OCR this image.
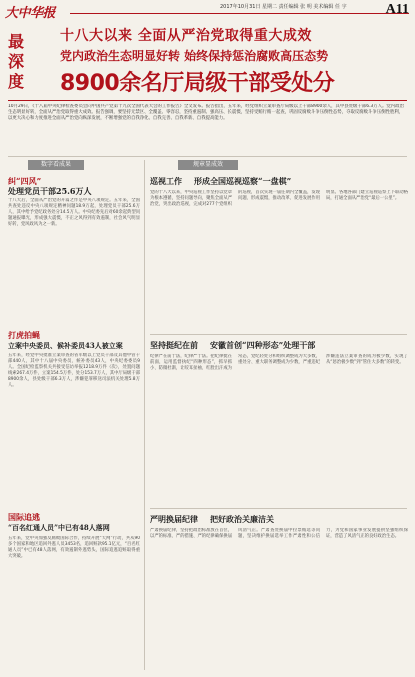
大中华报	2017年10月31日 星期二 责任编辑 张 明 美术编辑 任 宇	A11
最深度
十八大以来 全面从严治党取得重大成效
党内政治生态明显好转 始终保持惩治腐败高压态势
8900余名厅局级干部受处分
10月29日，《十八届中央纪律检查委员会向中国共产党第十九次全国代表大会的工作报告》全文发布。报告指出，五年来，经党组织立案审查厅局级以上干部8900余人，其中县处级干部6.3万人。党内政治生态明显好转，全面从严治党取得重大成效。报告强调，要坚持无禁区、全覆盖、零容忍，坚持重遏制、强高压、长震慑，坚持受贿行贿一起查，巩固反腐败斗争压倒性态势，夺取反腐败斗争压倒性胜利，以更大决心和力度推进全面从严治党向纵深发展，不断增强党的自我净化、自我完善、自我革新、自我提高能力。
数字看成果
纠“四风”
处理党员干部25.6万人
十八大后，全面从严治党的开篇之作是中央八项规定。五年来，全国共查处违反中央八项规定精神问题18.9万起，处理党员干部25.6万人，其中给予党纪政务处分14.5万人。中央纪委先后对60余起典型问题通报曝光，形成强大震慑，不正之风得到有效遏制，社会风气明显好转，党风政风为之一新。
打虎拍蝇
立案中央委员、候补委员43人被立案
五年来，经党中央批准立案审查的省军级以上党员干部及其他中管干部440人，其中十八届中央委员、候补委员43人，中央纪委委员9人。全国纪检监察机关共接受信访举报1218.9万件（次），处置问题线索267.4万件，立案154.5万件，处分153.7万人，其中厅局级干部8900余人，县处级干部6.3万人，涉嫌犯罪移送司法机关处理5.8万人。
国际追逃
“百名红通人员”中已有48人落网
五年来，党中央加强反腐败国际合作，持续开展“天网”行动，共从90多个国家和地区追回外逃人员3453名，追回赃款95.1亿元，“百名红通人员”中已有48人落网，有效遏制外逃势头，国际追逃追赃取得重大突破。
规章显成效
巡视工作 形成全国巡视巡察“一盘棋”
党的十八大以来，中央巡视工作坚持以党章为根本遵循，坚持问题导向，聚焦全面从严治党，突出政治巡视，完成对277个党组织的巡视，首次实现一届任期内全覆盖，发现问题、形成震慑，推动改革、促进发展作用明显。各地各部门建立巡视巡察上下联动格局，打通全面从严治党“最后一公里”。
坚持挺纪在前 安徽首创“四种形态”处理干部
纪律严在前于法，纪律严于法。把纪律挺在前面，运用监督执纪“四种形态”，抓早抓小、防微杜渐，让咬耳扯袖、红脸出汗成为常态，党纪轻处分和组织调整成为大多数，重处分、重大职务调整成为少数，严重违纪涉嫌违法立案审查的成为极少数，实现了从“惩治极少数”到“管住大多数”的转变。
严明换届纪律 把好政治关廉洁关
严肃换届纪律，坚持把政治标准放在首位，以严的标准、严的措施、严的纪律确保换届风清气正。严肃查处换届中拉票贿选等问题，坚决维护换届选举工作严肃性和公信力，为党和国家事业发展提供坚强组织保证，营造了风清气正的良好政治生态。
